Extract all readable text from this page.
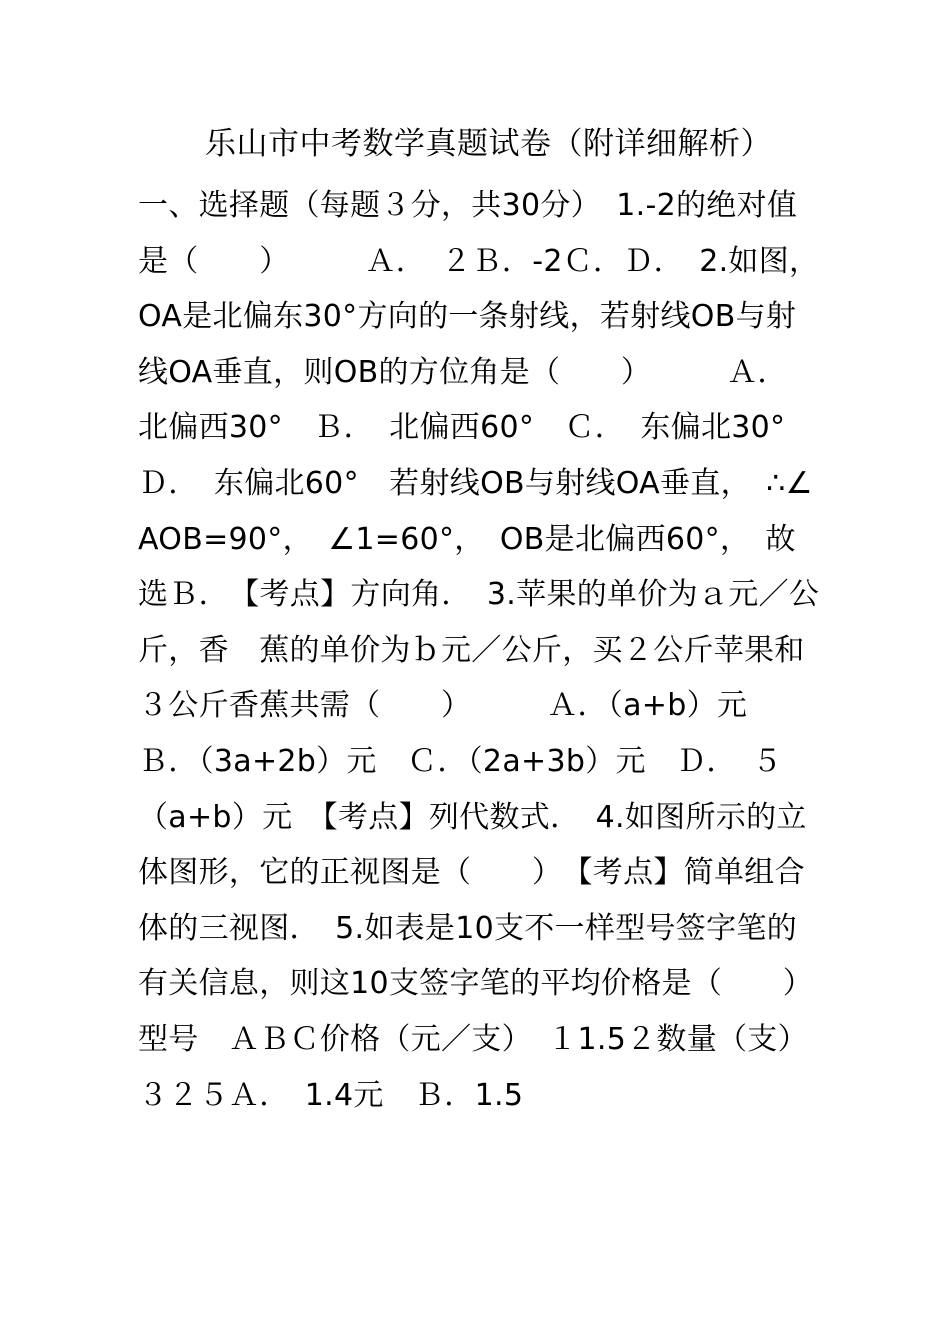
乐山市中考数学真题试卷（附详细解析）
一、选择题（每题３分，共30分）　1.-2的绝对值是（　　）　　　Ａ．　２Ｂ．-2Ｃ．Ｄ．　2.如图，OA是北偏东30°方向的一条射线，若射线OB与射　线OA垂直，则OB的方位角是（　　）　　　Ａ．　北偏西30°　Ｂ．　北偏西60°　Ｃ．　东偏北30°　Ｄ．　东偏北60°　若射线OB与射线OA垂直，　∴∠AOB=90°，　∠1=60°，　OB是北偏西60°，　故选Ｂ．　【考点】方向角．　3.苹果的单价为ａ元／公斤，香　蕉的单价为ｂ元／公斤，买２公斤苹果和３公斤香蕉共需（　　）　　　Ａ．（a+b）元　Ｂ．（3a+2b）元　Ｃ．（2a+3b）元　Ｄ．　５（a+b）元　【考点】列代数式．　4.如图所示的立体图形，它的正视图是（　　）　【考点】简单组合体的三视图．　5.如表是10支不一样型号签字笔的有关信息，则这10支签字笔的平均价格是（　　）　型号　ＡＢＣ价格（元／支）　１1.5２数量（支）　３２５Ａ．　1.4元　Ｂ．1.5
